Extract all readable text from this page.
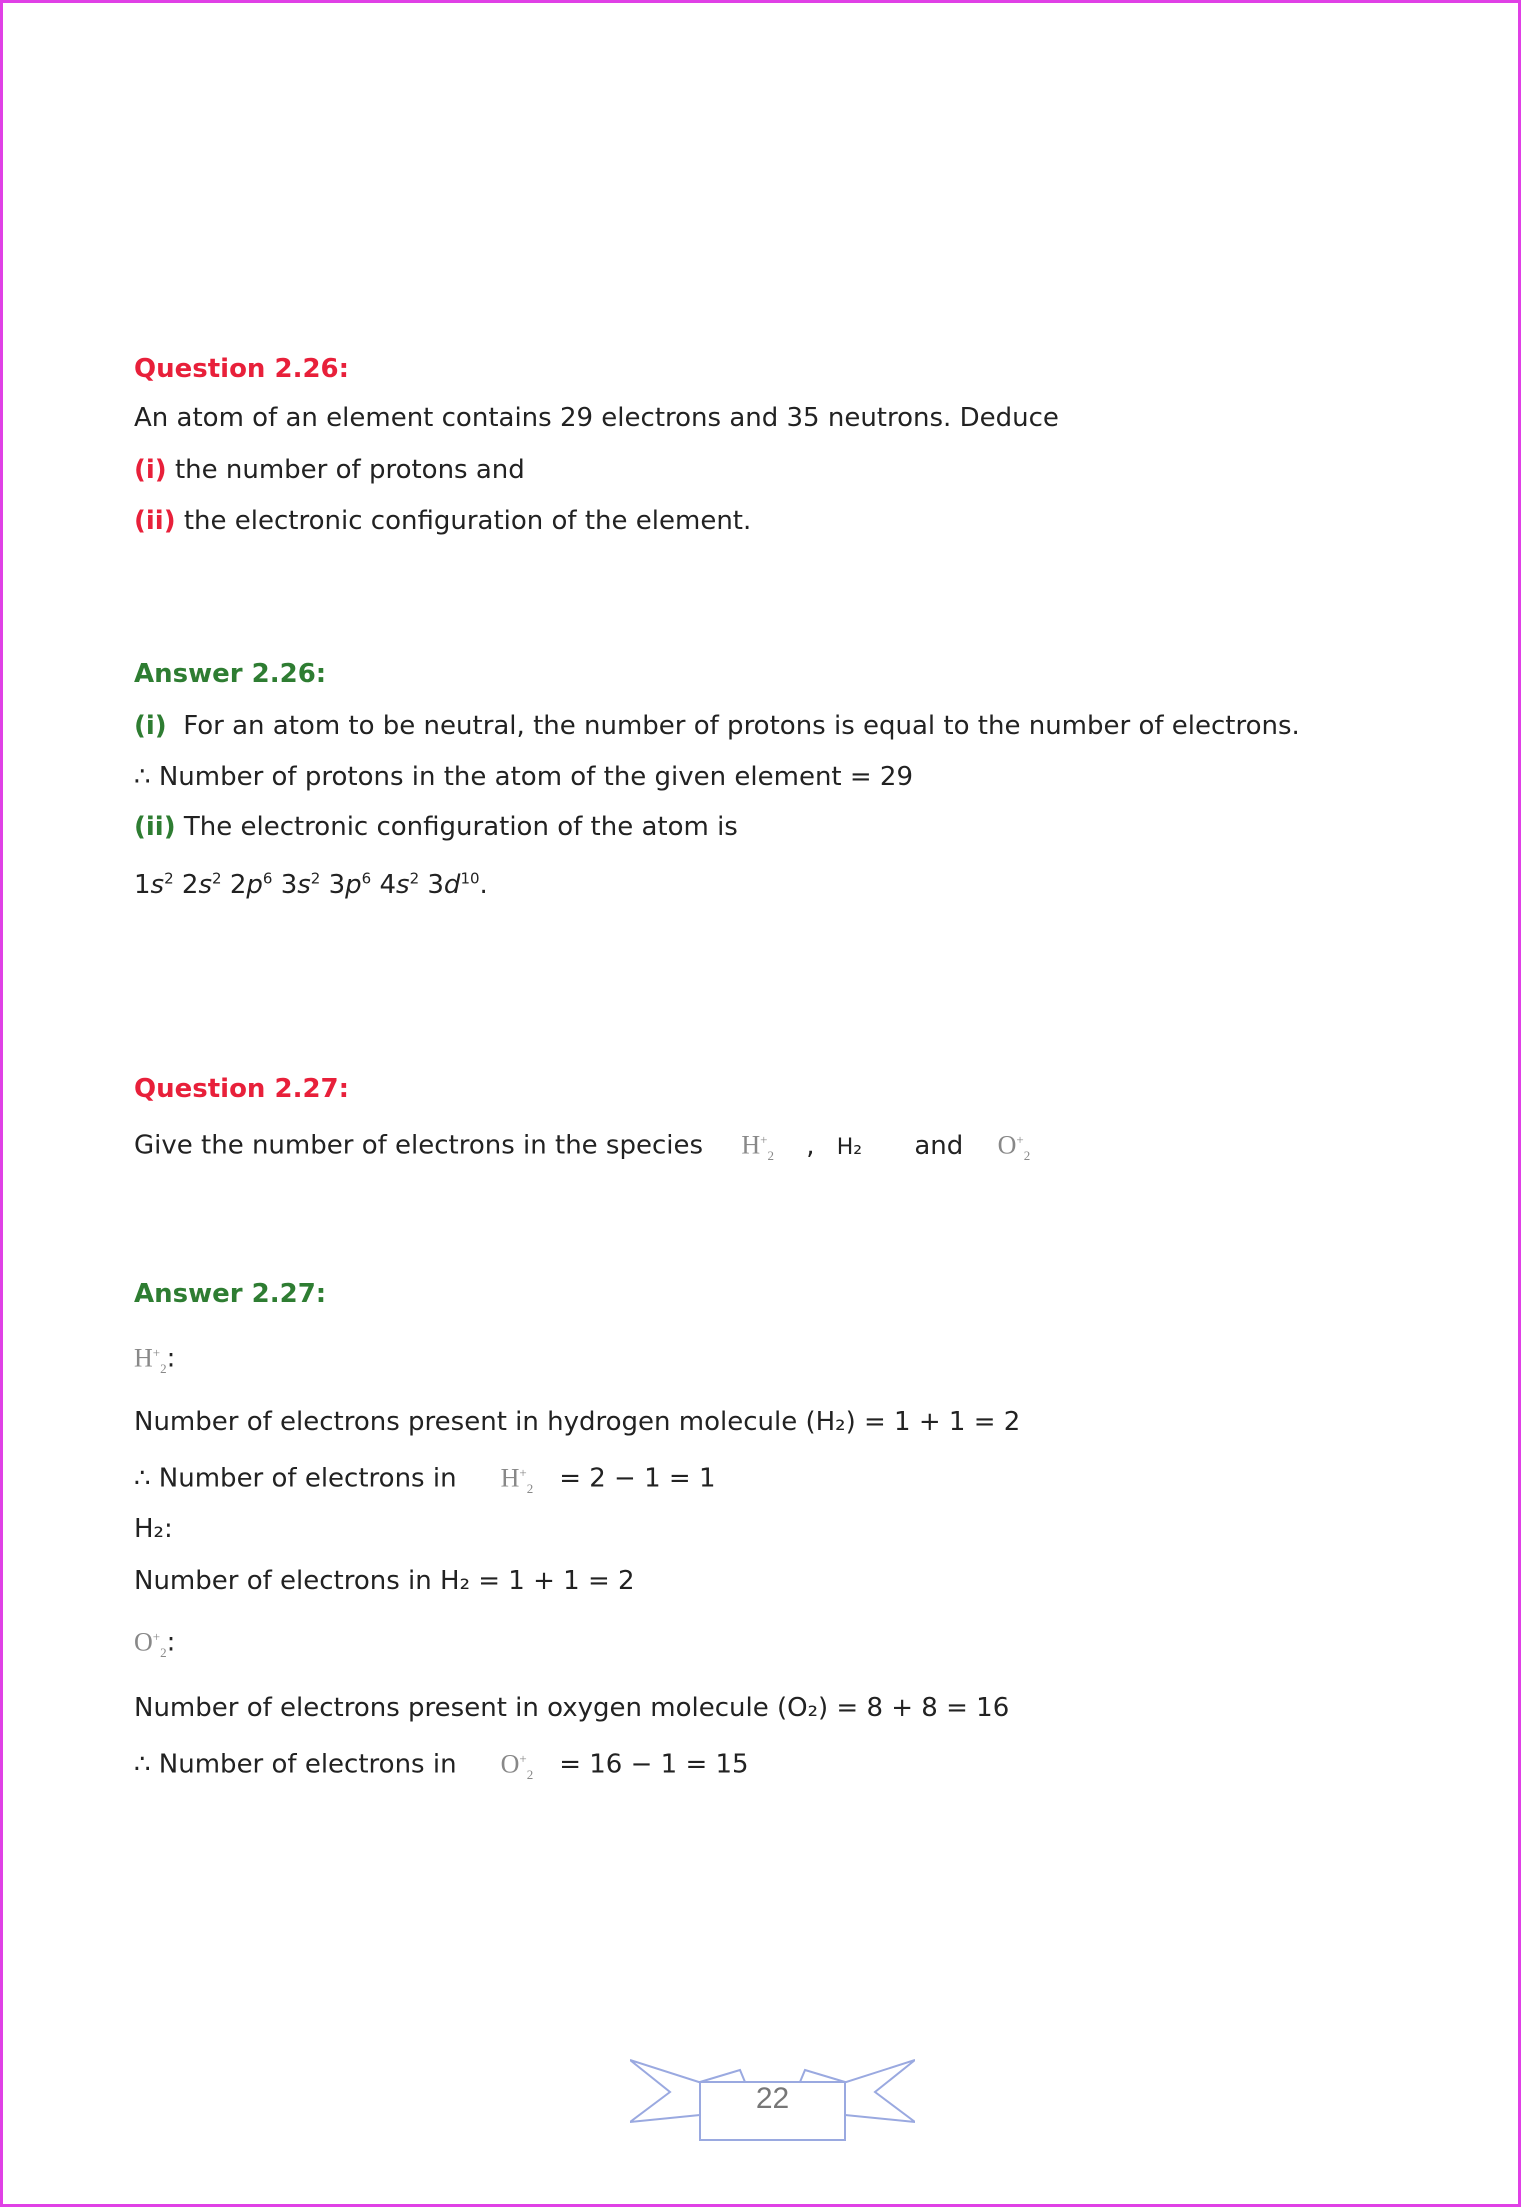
Question 2.26:
An atom of an element contains 29 electrons and 35 neutrons. Deduce
(i) the number of protons and
(ii) the electronic configuration of the element.
Answer 2.26:
(i) For an atom to be neutral, the number of protons is equal to the number of electrons.
∴ Number of protons in the atom of the given element = 29
(ii) The electronic configuration of the atom is
$1s^2$ $2s^2$ $2p^6$ $3s^2$ $3p^6$ $4s^2$ $3d^{10}$.
Question 2.27:
Give the number of electrons in the species $H^+_2$ , H₂ and $O^+_2$
Answer 2.27:
$H^+_2$:
Number of electrons present in hydrogen molecule (H₂) = 1 + 1 = 2
∴ Number of electrons in $H^+_2 = 2 - 1 = 1$
H₂:
Number of electrons in H₂ = 1 + 1 = 2
$O^+_2$:
Number of electrons present in oxygen molecule (O₂) = 8 + 8 = 16
∴ Number of electrons in $O^+_2 = 16 - 1 = 15$
22
